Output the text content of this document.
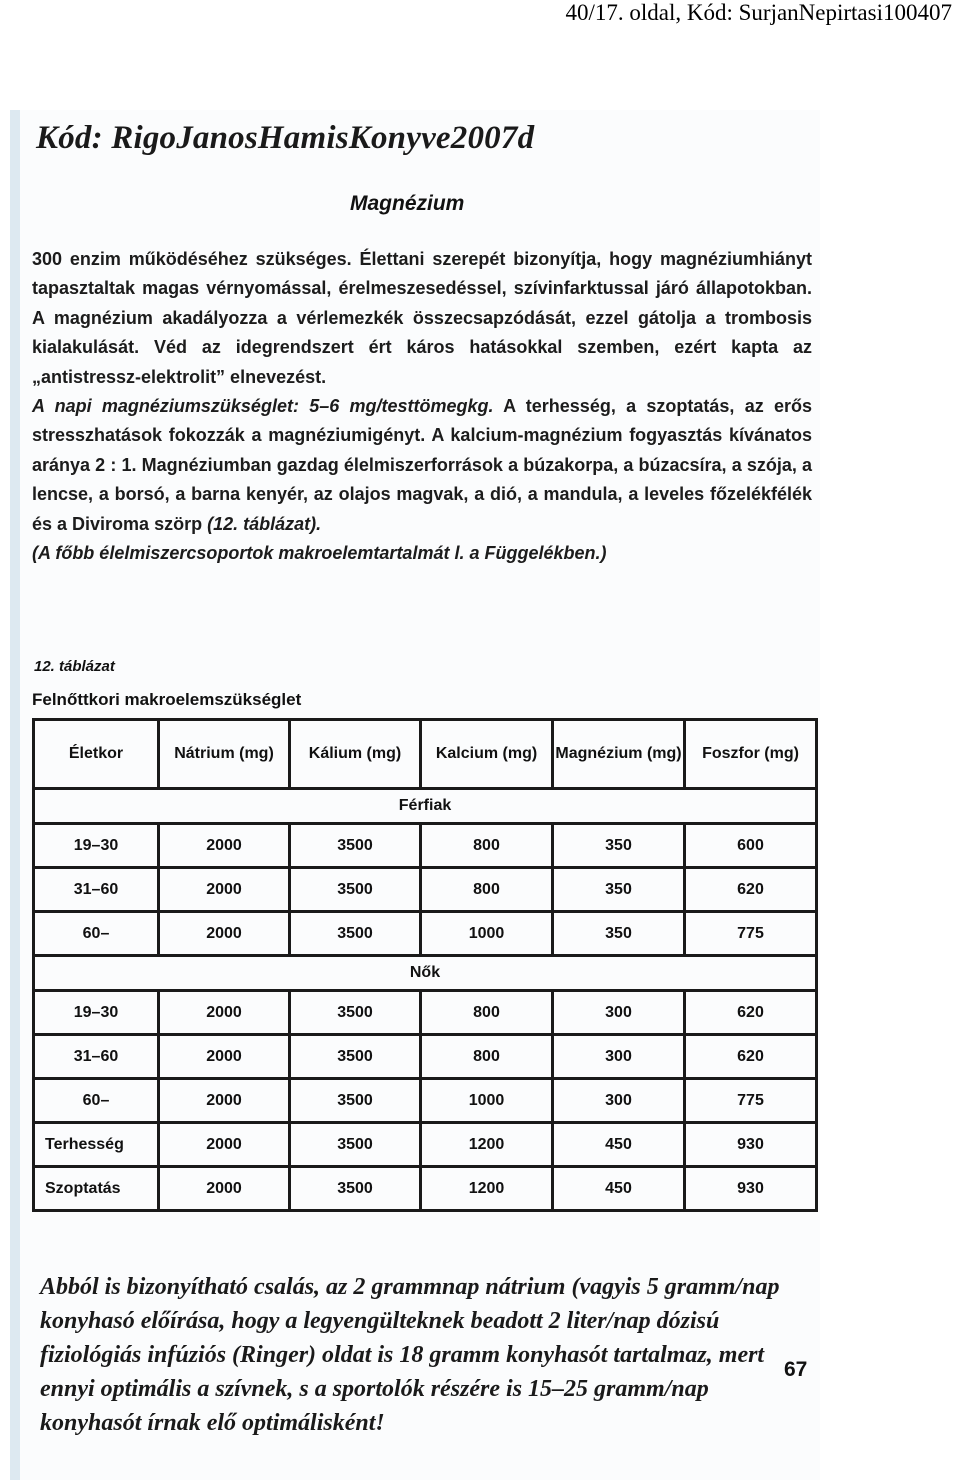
40/17. oldal, Kód: SurjanNepirtasi100407
Kód: RigoJanosHamisKonyve2007d
Magnézium

300 enzim működéséhez szükséges. Élettani szerepét bizonyítja, hogy magnéziumhiányt tapasztaltak magas vérnyomással, érelmeszesedéssel, szívinfarktussal járó állapotokban. A magnézium akadályozza a vérlemezkék összecsapzódását, ezzel gátolja a trombosis kialakulását. Véd az idegrendszert ért káros hatásokkal szemben, ezért kapta az „antistressz-elektrolit” elnevezést.

A napi magnéziumszükséglet: 5–6 mg/testtömegkg. A terhesség, a szoptatás, az erős stresszhatások fokozzák a magnéziumigényt. A kalcium-magnézium fogyasztás kívánatos aránya 2 : 1. Magnéziumban gazdag élelmiszerforrások a búzakorpa, a búzacsíra, a szója, a lencse, a borsó, a barna kenyér, az olajos magvak, a dió, a mandula, a leveles főzelékfélék és a Diviroma szörp (12. táblázat).

(A főbb élelmiszercsoportok makroelemtartalmát l. a Függelékben.)

12. táblázat
Felnőttkori makroelemszükséglet
Életkor	Nátrium (mg)	Kálium (mg)	Kalcium (mg)	Magnézium (mg)	Foszfor (mg)
Férfiak					
19–30	2000	3500	800	350	600
31–60	2000	3500	800	350	620
60–	2000	3500	1000	350	775
Nők					
19–30	2000	3500	800	300	620
31–60	2000	3500	800	300	620
60–	2000	3500	1000	300	775
Terhesség	2000	3500	1200	450	930
Szoptatás	2000	3500	1200	450	930
Abból is bizonyítható csalás, az 2 grammnap nátrium (vagyis 5 gramm/nap konyhasó előírása, hogy a legyengülteknek beadott 2 liter/nap dózisú fiziológiás infúziós (Ringer) oldat is 18 gramm konyhasót tartalmaz, mert ennyi optimális a szívnek, s a sportolók részére is 15–25 gramm/nap konyhasót írnak elő optimálisként!
67
